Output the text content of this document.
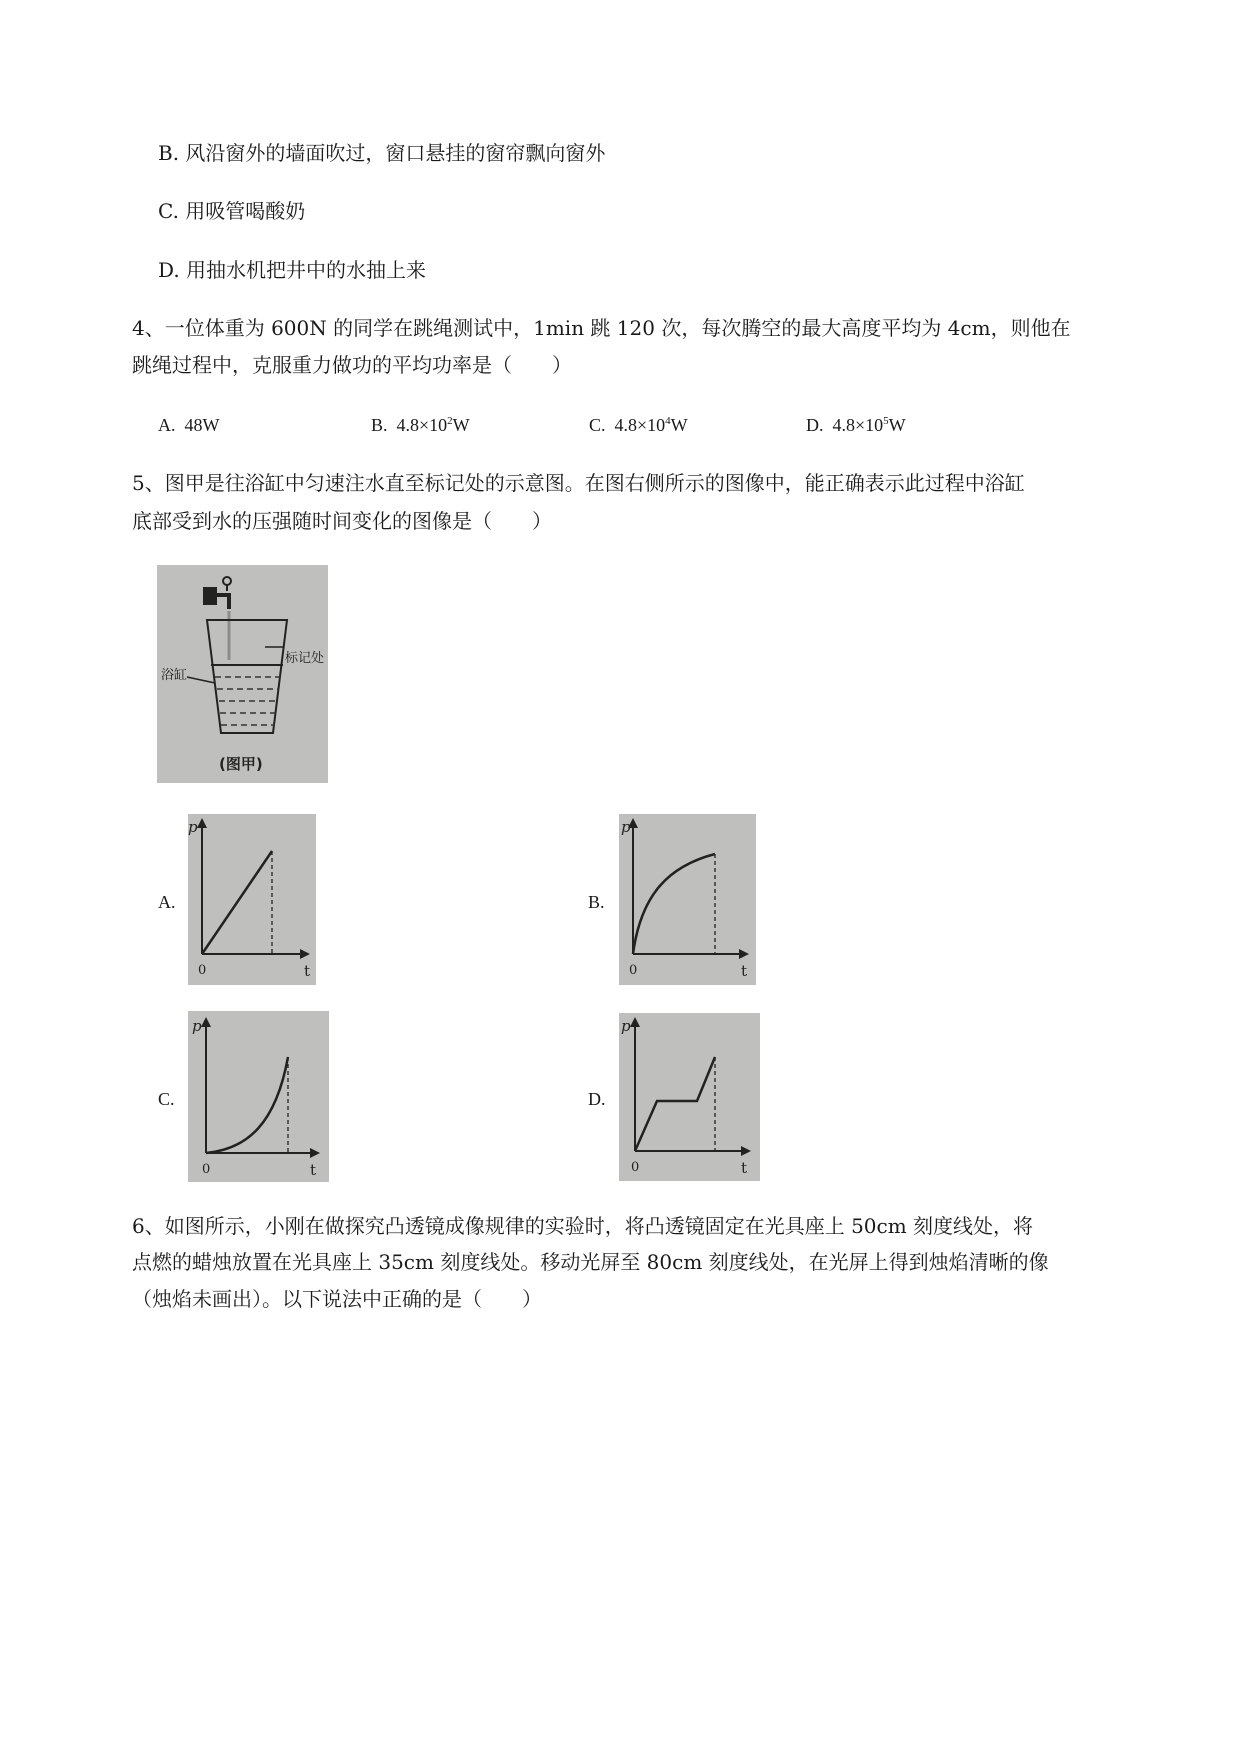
B. 风沿窗外的墙面吹过，窗口悬挂的窗帘飘向窗外
C. 用吸管喝酸奶
D. 用抽水机把井中的水抽上来
4、一位体重为 600N 的同学在跳绳测试中，1min 跳 120 次，每次腾空的最大高度平均为 4cm，则他在
跳绳过程中，克服重力做功的平均功率是（　　）
A. 48W	B. $4.8\times 10^2W$	C. $4.8\times 10^4W$	D. $4.8\times 10^5W$
5、图甲是往浴缸中匀速注水直至标记处的示意图。在图右侧所示的图像中，能正确表示此过程中浴缸
底部受到水的压强随时间变化的图像是（　　）
标记处
浴缸
(图甲)
A.
p
t
0
B.
p
t
0
C.
p
t
0
D.
p
t
0
6、如图所示，小刚在做探究凸透镜成像规律的实验时，将凸透镜固定在光具座上 50cm 刻度线处，将
点燃的蜡烛放置在光具座上 35cm 刻度线处。移动光屏至 80cm 刻度线处，在光屏上得到烛焰清晰的像
（烛焰未画出）。以下说法中正确的是（　　）
